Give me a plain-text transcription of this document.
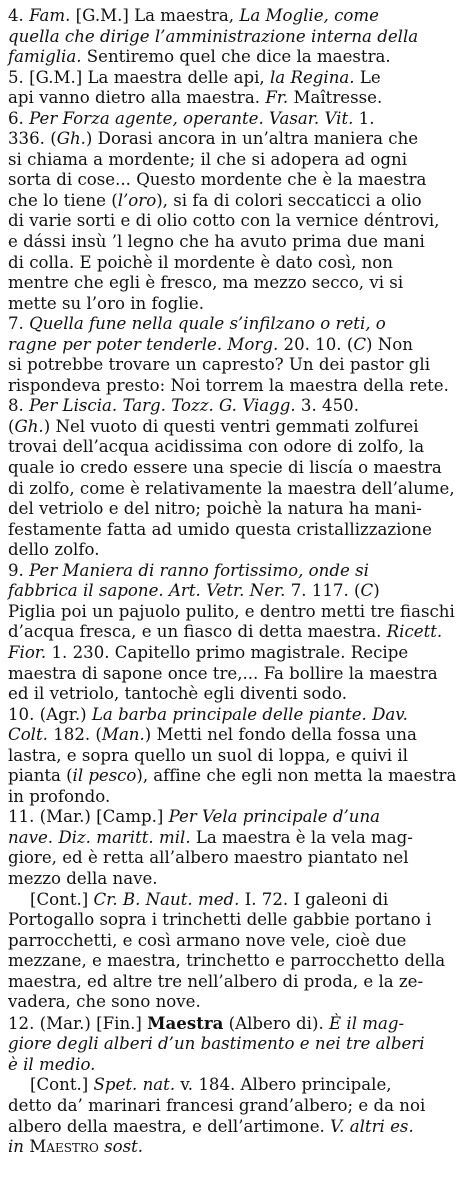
4. Fam. [G.M.] La maestra, La Moglie, come
quella che dirige l’amministrazione interna della
famiglia. Sentiremo quel che dice la maestra.
5. [G.M.] La maestra delle api, la Regina. Le
api vanno dietro alla maestra. Fr. Maîtresse.
6. Per Forza agente, operante. Vasar. Vit. 1.
336. (Gh.) Dorasi ancora in un’altra maniera che
si chiama a mordente; il che si adopera ad ogni
sorta di cose... Questo mordente che è la maestra
che lo tiene (l’oro), si fa di colori seccaticci a olio
di varie sorti e di olio cotto con la vernice déntrovi,
e dássi insù ’l legno che ha avuto prima due mani
di colla. E poichè il mordente è dato così, non
mentre che egli è fresco, ma mezzo secco, vi si
mette su l’oro in foglie.
7. Quella fune nella quale s’infilzano o reti, o
ragne per poter tenderle. Morg. 20. 10. (C) Non
si potrebbe trovare un capresto? Un dei pastor gli
rispondeva presto: Noi torrem la maestra della rete.
8. Per Liscia. Targ. Tozz. G. Viagg. 3. 450.
(Gh.) Nel vuoto di questi ventri gemmati zolfurei
trovai dell’acqua acidissima con odore di zolfo, la
quale io credo essere una specie di liscía o maestra
di zolfo, come è relativamente la maestra dell’alume,
del vetriolo e del nitro; poichè la natura ha mani-
festamente fatta ad umido questa cristallizzazione
dello zolfo.
9. Per Maniera di ranno fortissimo, onde si
fabbrica il sapone. Art. Vetr. Ner. 7. 117. (C)
Piglia poi un pajuolo pulito, e dentro metti tre fiaschi
d’acqua fresca, e un fiasco di detta maestra. Ricett.
Fior. 1. 230. Capitello primo magistrale. Recipe
maestra di sapone once tre,... Fa bollire la maestra
ed il vetriolo, tantochè egli diventi sodo.
10. (Agr.) La barba principale delle piante. Dav.
Colt. 182. (Man.) Metti nel fondo della fossa una
lastra, e sopra quello un suol di loppa, e quivi il
pianta (il pesco), affine che egli non metta la maestra
in profondo.
11. (Mar.) [Camp.] Per Vela principale d’una
nave. Diz. maritt. mil. La maestra è la vela mag-
giore, ed è retta all’albero maestro piantato nel
mezzo della nave.
[Cont.] Cr. B. Naut. med. I. 72. I galeoni di
Portogallo sopra i trinchetti delle gabbie portano i
parrocchetti, e così armano nove vele, cioè due
mezzane, e maestra, trinchetto e parrocchetto della
maestra, ed altre tre nell’albero di proda, e la ze-
vadera, che sono nove.
12. (Mar.) [Fin.] Maestra (Albero di). È il mag-
giore degli alberi d’un bastimento e nei tre alberi
è il medio.
[Cont.] Spet. nat. v. 184. Albero principale,
detto da’ marinari francesi grand’albero; e da noi
albero della maestra, e dell’artimone. V. altri es.
in Maestro sost.
